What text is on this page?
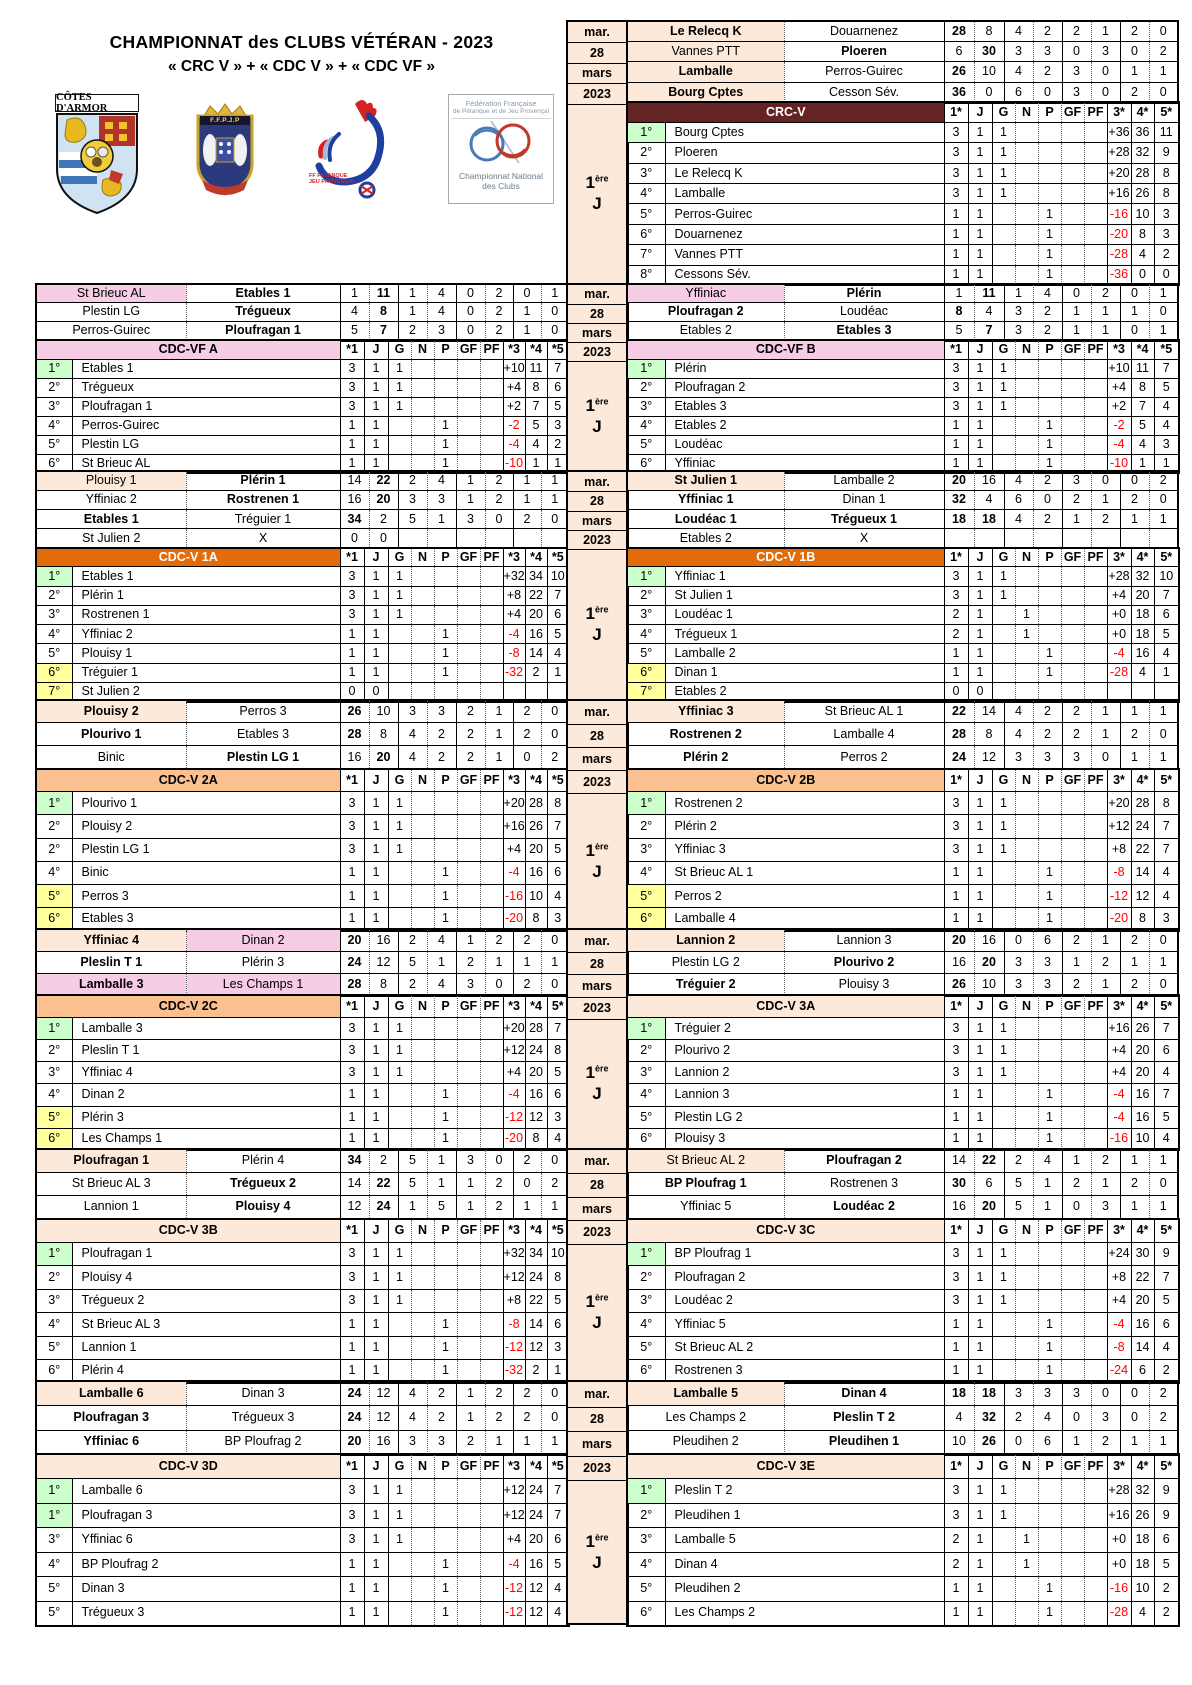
CHAMPIONNAT des CLUBS VÉTÉRAN - 2023
« CRC V » + « CDC V » + « CDC VF »
CÔTES D'ARMOR
F.F.P.J.P
FF PETANQUE
JEU PROVENÇAL
Fédération Française
de Pétanque et de Jeu Provençal
Championnat National
des Clubs
mar.
28
mars
2023
1ère
J
Le Relecq K	Douarnenez	28	8	4	2	2	1	2	0
Vannes PTT	Ploeren	6	30	3	3	0	3	0	2
Lamballe	Perros-Guirec	26	10	4	2	3	0	1	1
Bourg Cptes	Cesson Sév.	36	0	6	0	3	0	2	0
CRC-V		1*	J	G	N	P	GF	PF	3*	4*	5*
1°	Bourg Cptes	3	1	1					+36	36	11
2°	Ploeren	3	1	1					+28	32	9
3°	Le Relecq K	3	1	1					+20	28	8
4°	Lamballe	3	1	1					+16	26	8
5°	Perros-Guirec	1	1			1			-16	10	3
6°	Douarnenez	1	1			1			-20	8	3
7°	Vannes PTT	1	1			1			-28	4	2
8°	Cessons Sév.	1	1			1			-36	0	0
St Brieuc AL	Etables 1	1	11	1	4	0	2	0	1
Plestin LG	Trégueux	4	8	1	4	0	2	1	0
Perros-Guirec	Ploufragan 1	5	7	2	3	0	2	1	0
CDC-VF A		*1	J	G	N	P	GF	PF	*3	*4	*5
1°	Etables 1	3	1	1					+10	11	7
2°	Trégueux	3	1	1					+4	8	6
3°	Ploufragan 1	3	1	1					+2	7	5
4°	Perros-Guirec	1	1			1			-2	5	3
5°	Plestin LG	1	1			1			-4	4	2
6°	St Brieuc AL	1	1			1			-10	1	1
mar.
28
mars
2023
1ère
J
Yffiniac	Plérin	1	11	1	4	0	2	0	1
Ploufragan 2	Loudéac	8	4	3	2	1	1	1	0
Etables 2	Etables 3	5	7	3	2	1	1	0	1
CDC-VF B		*1	J	G	N	P	GF	PF	*3	*4	*5
1°	Plérin	3	1	1					+10	11	7
2°	Ploufragan 2	3	1	1					+4	8	5
3°	Etables 3	3	1	1					+2	7	4
4°	Etables 2	1	1			1			-2	5	4
5°	Loudéac	1	1			1			-4	4	3
6°	Yffiniac	1	1			1			-10	1	1
Plouisy 1	Plérin 1	14	22	2	4	1	2	1	1
Yffiniac 2	Rostrenen 1	16	20	3	3	1	2	1	1
Etables 1	Tréguier 1	34	2	5	1	3	0	2	0
St Julien 2	X	0	0						
CDC-V 1A		*1	J	G	N	P	GF	PF	*3	*4	*5
1°	Etables 1	3	1	1					+32	34	10
2°	Plérin 1	3	1	1					+8	22	7
3°	Rostrenen 1	3	1	1					+4	20	6
4°	Yffiniac 2	1	1			1			-4	16	5
5°	Plouisy 1	1	1			1			-8	14	4
6°	Tréguier 1	1	1			1			-32	2	1
7°	St Julien 2	0	0								
mar.
28
mars
2023
1ère
J
St Julien 1	Lamballe 2	20	16	4	2	3	0	0	2
Yffiniac 1	Dinan 1	32	4	6	0	2	1	2	0
Loudéac 1	Trégueux 1	18	18	4	2	1	2	1	1
Etables 2	X								
CDC-V 1B		1*	J	G	N	P	GF	PF	3*	4*	5*
1°	Yffiniac 1	3	1	1					+28	32	10
2°	St Julien 1	3	1	1					+4	20	7
3°	Loudéac 1	2	1		1				+0	18	6
4°	Trégueux 1	2	1		1				+0	18	5
5°	Lamballe 2	1	1			1			-4	16	4
6°	Dinan 1	1	1			1			-28	4	1
7°	Etables 2	0	0								
Plouisy 2	Perros 3	26	10	3	3	2	1	2	0
Plourivo 1	Etables 3	28	8	4	2	2	1	2	0
Binic	Plestin LG 1	16	20	4	2	2	1	0	2
CDC-V 2A		*1	J	G	N	P	GF	PF	*3	*4	*5
1°	Plourivo 1	3	1	1					+20	28	8
2°	Plouisy 2	3	1	1					+16	26	7
2°	Plestin LG 1	3	1	1					+4	20	5
4°	Binic	1	1			1			-4	16	6
5°	Perros 3	1	1			1			-16	10	4
6°	Etables 3	1	1			1			-20	8	3
mar.
28
mars
2023
1ère
J
Yffiniac 3	St Brieuc AL 1	22	14	4	2	2	1	1	1
Rostrenen 2	Lamballe 4	28	8	4	2	2	1	2	0
Plérin 2	Perros 2	24	12	3	3	3	0	1	1
CDC-V 2B		1*	J	G	N	P	GF	PF	3*	4*	5*
1°	Rostrenen 2	3	1	1					+20	28	8
2°	Plérin 2	3	1	1					+12	24	7
3°	Yffiniac 3	3	1	1					+8	22	7
4°	St Brieuc AL 1	1	1			1			-8	14	4
5°	Perros 2	1	1			1			-12	12	4
6°	Lamballe 4	1	1			1			-20	8	3
Yffiniac 4	Dinan 2	20	16	2	4	1	2	2	0
Pleslin T 1	Plérin 3	24	12	5	1	2	1	1	1
Lamballe 3	Les Champs 1	28	8	2	4	3	0	2	0
CDC-V 2C		*1	J	G	N	P	GF	PF	*3	*4	5*
1°	Lamballe 3	3	1	1					+20	28	7
2°	Pleslin T 1	3	1	1					+12	24	8
3°	Yffiniac 4	3	1	1					+4	20	5
4°	Dinan 2	1	1			1			-4	16	6
5°	Plérin 3	1	1			1			-12	12	3
6°	Les Champs 1	1	1			1			-20	8	4
mar.
28
mars
2023
1ère
J
Lannion 2	Lannion 3	20	16	0	6	2	1	2	0
Plestin LG 2	Plourivo 2	16	20	3	3	1	2	1	1
Tréguier 2	Plouisy 3	26	10	3	3	2	1	2	0
CDC-V 3A		1*	J	G	N	P	GF	PF	3*	4*	5*
1°	Tréguier 2	3	1	1					+16	26	7
2°	Plourivo 2	3	1	1					+4	20	6
3°	Lannion 2	3	1	1					+4	20	4
4°	Lannion 3	1	1			1			-4	16	7
5°	Plestin LG 2	1	1			1			-4	16	5
6°	Plouisy 3	1	1			1			-16	10	4
Ploufragan 1	Plérin 4	34	2	5	1	3	0	2	0
St Brieuc AL 3	Trégueux 2	14	22	5	1	1	2	0	2
Lannion 1	Plouisy 4	12	24	1	5	1	2	1	1
CDC-V 3B		*1	J	G	N	P	GF	PF	*3	*4	*5
1°	Ploufragan 1	3	1	1					+32	34	10
2°	Plouisy 4	3	1	1					+12	24	8
3°	Trégueux 2	3	1	1					+8	22	5
4°	St Brieuc AL 3	1	1			1			-8	14	6
5°	Lannion 1	1	1			1			-12	12	3
6°	Plérin 4	1	1			1			-32	2	1
mar.
28
mars
2023
1ère
J
St Brieuc AL 2	Ploufragan 2	14	22	2	4	1	2	1	1
BP Ploufrag 1	Rostrenen 3	30	6	5	1	2	1	2	0
Yffiniac 5	Loudéac 2	16	20	5	1	0	3	1	1
CDC-V 3C		1*	J	G	N	P	GF	PF	3*	4*	5*
1°	BP Ploufrag 1	3	1	1					+24	30	9
2°	Ploufragan 2	3	1	1					+8	22	7
3°	Loudéac 2	3	1	1					+4	20	5
4°	Yffiniac 5	1	1			1			-4	16	6
5°	St Brieuc AL 2	1	1			1			-8	14	4
6°	Rostrenen 3	1	1			1			-24	6	2
Lamballe 6	Dinan 3	24	12	4	2	1	2	2	0
Ploufragan 3	Trégueux 3	24	12	4	2	1	2	2	0
Yffiniac 6	BP Ploufrag 2	20	16	3	3	2	1	1	1
CDC-V 3D		*1	J	G	N	P	GF	PF	*3	*4	*5
1°	Lamballe 6	3	1	1					+12	24	7
1°	Ploufragan 3	3	1	1					+12	24	7
3°	Yffiniac 6	3	1	1					+4	20	6
4°	BP Ploufrag 2	1	1			1			-4	16	5
5°	Dinan 3	1	1			1			-12	12	4
5°	Trégueux 3	1	1			1			-12	12	4
mar.
28
mars
2023
1ère
J
Lamballe 5	Dinan 4	18	18	3	3	3	0	0	2
Les Champs 2	Pleslin T 2	4	32	2	4	0	3	0	2
Pleudihen 2	Pleudihen 1	10	26	0	6	1	2	1	1
CDC-V 3E		1*	J	G	N	P	GF	PF	3*	4*	5*
1°	Pleslin T 2	3	1	1					+28	32	9
2°	Pleudihen 1	3	1	1					+16	26	9
3°	Lamballe 5	2	1		1				+0	18	6
4°	Dinan 4	2	1		1				+0	18	5
5°	Pleudihen 2	1	1			1			-16	10	2
6°	Les Champs 2	1	1			1			-28	4	2
